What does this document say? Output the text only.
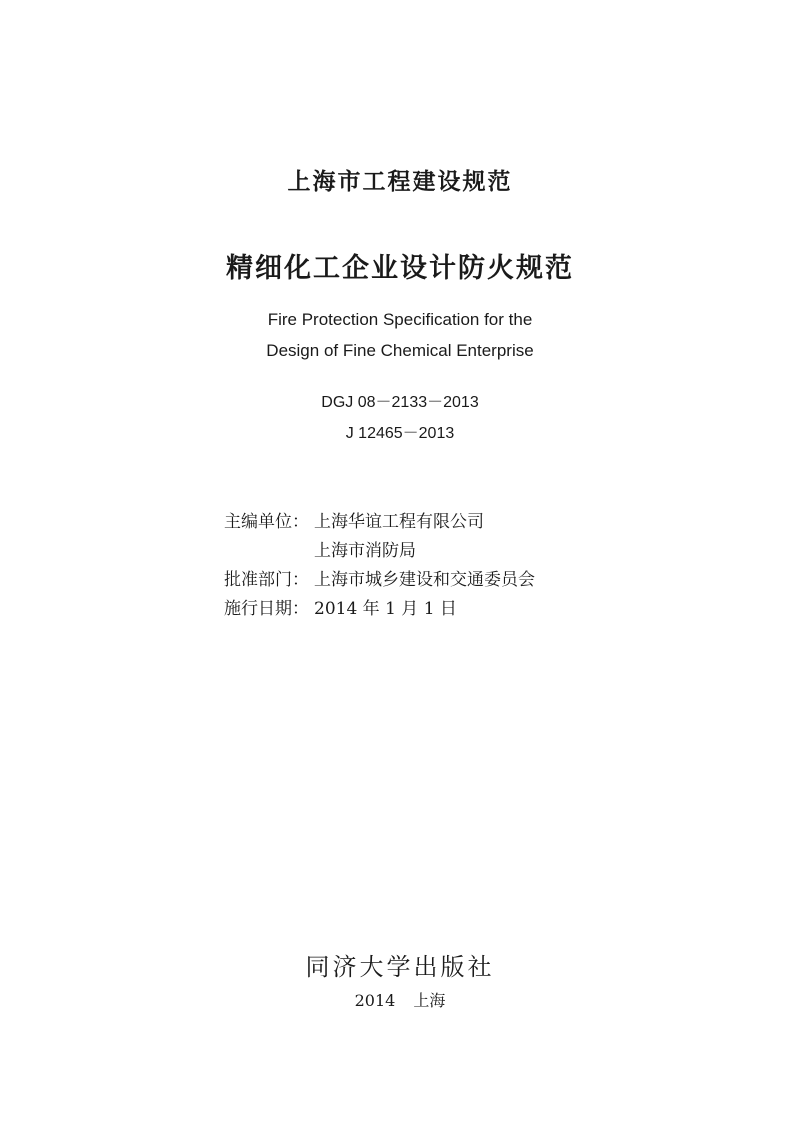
上海市工程建设规范
精细化工企业设计防火规范
Fire Protection Specification for the
Design of Fine Chemical Enterprise
DGJ 08－2133－2013
J 12465－2013
主编单位： 上海华谊工程有限公司
上海市消防局
批准部门： 上海市城乡建设和交通委员会
施行日期： 2014 年 1 月 1 日
同济大学出版社
2014 上海
